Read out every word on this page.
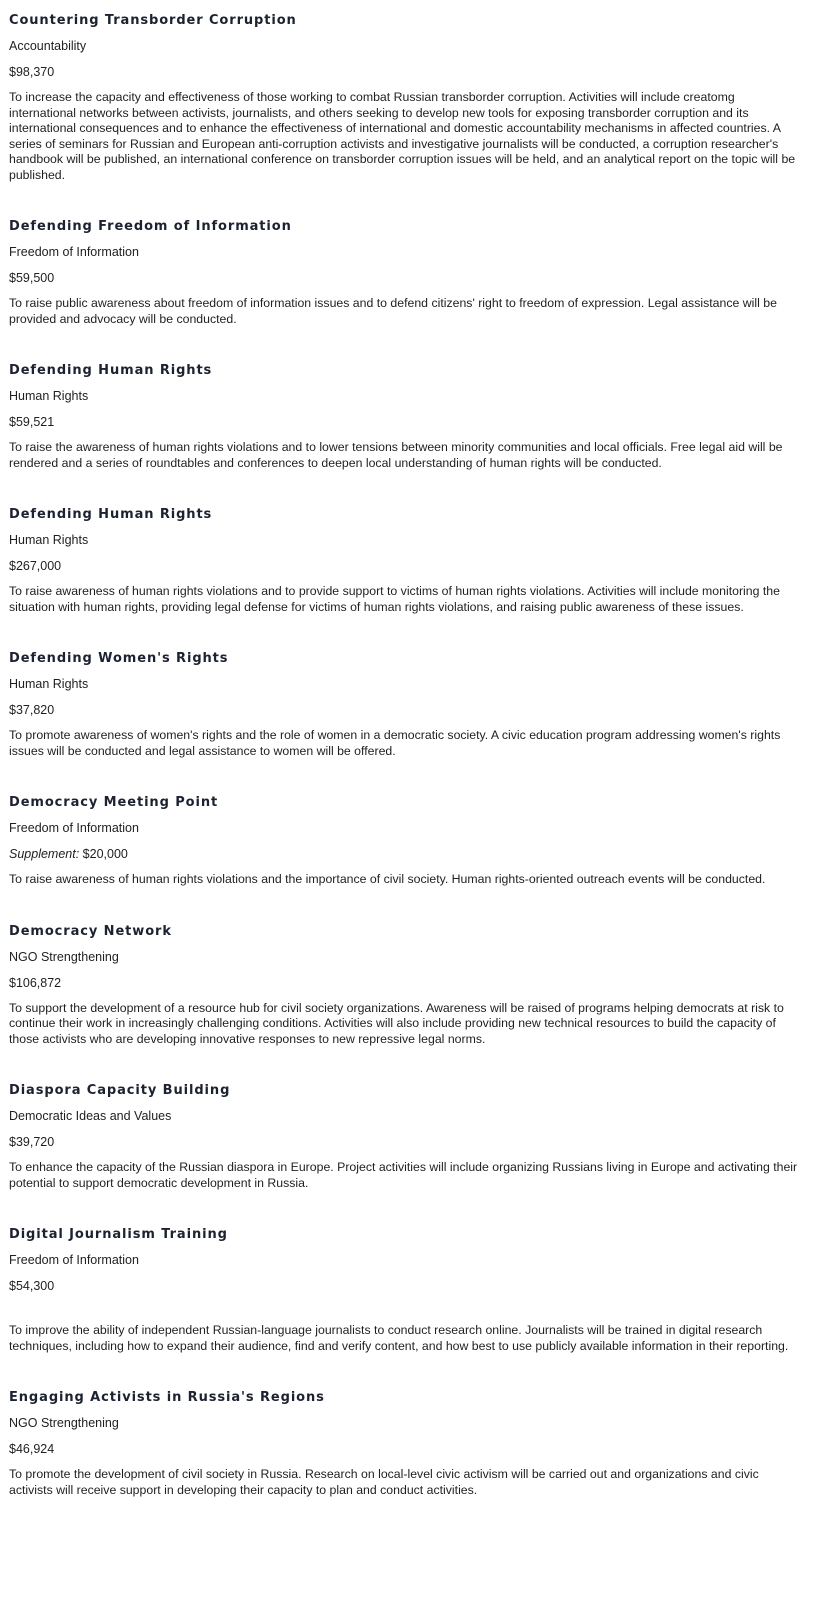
Countering Transborder Corruption
Accountability
$98,370

To increase the capacity and effectiveness of those working to combat Russian transborder corruption. Activities will include creatomg international networks between activists, journalists, and others seeking to develop new tools for exposing transborder corruption and its international consequences and to enhance the effectiveness of international and domestic accountability mechanisms in affected countries. A series of seminars for Russian and European anti-corruption activists and investigative journalists will be conducted, a corruption researcher's handbook will be published, an international conference on transborder corruption issues will be held, and an analytical report on the topic will be published.

Defending Freedom of Information
Freedom of Information
$59,500

To raise public awareness about freedom of information issues and to defend citizens' right to freedom of expression. Legal assistance will be provided and advocacy will be conducted.

Defending Human Rights
Human Rights
$59,521

To raise the awareness of human rights violations and to lower tensions between minority communities and local officials. Free legal aid will be rendered and a series of roundtables and conferences to deepen local understanding of human rights will be conducted.

Defending Human Rights
Human Rights
$267,000

To raise awareness of human rights violations and to provide support to victims of human rights violations. Activities will include monitoring the situation with human rights, providing legal defense for victims of human rights violations, and raising public awareness of these issues.

Defending Women's Rights
Human Rights
$37,820

To promote awareness of women's rights and the role of women in a democratic society. A civic education program addressing women's rights issues will be conducted and legal assistance to women will be offered.

Democracy Meeting Point
Freedom of Information
Supplement: $20,000

To raise awareness of human rights violations and the importance of civil society. Human rights-oriented outreach events will be conducted.

Democracy Network
NGO Strengthening
$106,872

To support the development of a resource hub for civil society organizations. Awareness will be raised of programs helping democrats at risk to continue their work in increasingly challenging conditions. Activities will also include providing new technical resources to build the capacity of those activists who are developing innovative responses to new repressive legal norms.

Diaspora Capacity Building
Democratic Ideas and Values
$39,720

To enhance the capacity of the Russian diaspora in Europe. Project activities will include organizing Russians living in Europe and activating their potential to support democratic development in Russia.

Digital Journalism Training
Freedom of Information
$54,300

To improve the ability of independent Russian-language journalists to conduct research online. Journalists will be trained in digital research techniques, including how to expand their audience, find and verify content, and how best to use publicly available information in their reporting.

Engaging Activists in Russia's Regions
NGO Strengthening
$46,924

To promote the development of civil society in Russia. Research on local-level civic activism will be carried out and organizations and civic activists will receive support in developing their capacity to plan and conduct activities.
